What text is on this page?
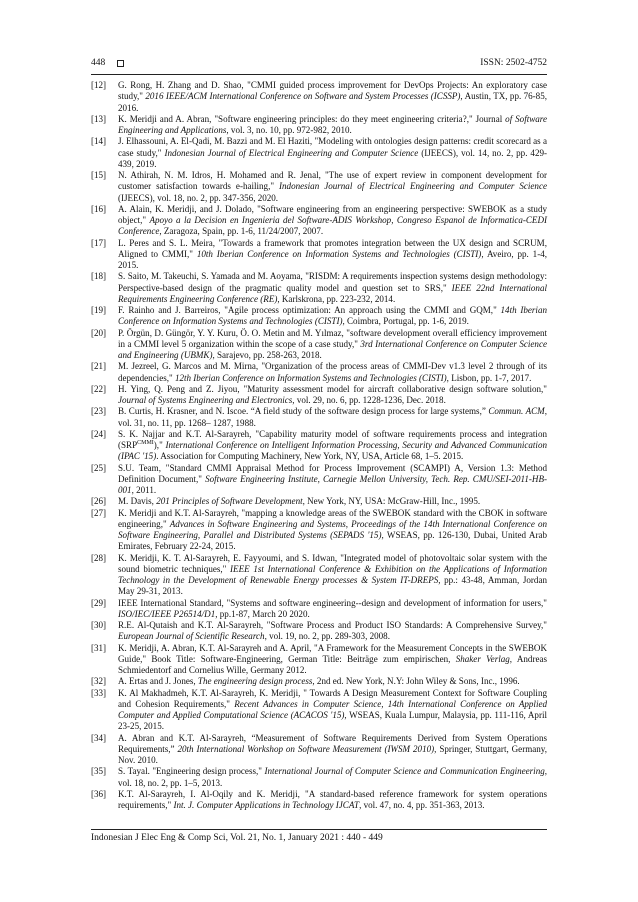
448	ISSN: 2502-4752
[12]	G. Rong, H. Zhang and D. Shao, "CMMI guided process improvement for DevOps Projects: An exploratory case study," 2016 IEEE/ACM International Conference on Software and System Processes (ICSSP), Austin, TX, pp. 76-85, 2016.
[13]	K. Meridji and A. Abran, "Software engineering principles: do they meet engineering criteria?," Journal of Software Engineering and Applications, vol. 3, no. 10, pp. 972-982, 2010.
[14]	J. Elhassouni, A. El-Qadi, M. Bazzi and M. El Haziti, "Modeling with ontologies design patterns: credit scorecard as a case study," Indonesian Journal of Electrical Engineering and Computer Science (IJEECS), vol. 14, no. 2, pp. 429-439, 2019.
[15]	N. Athirah, N. M. Idros, H. Mohamed and R. Jenal, "The use of expert review in component development for customer satisfaction towards e-hailing," Indonesian Journal of Electrical Engineering and Computer Science (IJEECS), vol. 18, no. 2, pp. 347-356, 2020.
[16]	A. Alain, K. Meridji, and J. Dolado, "Software engineering from an engineering perspective: SWEBOK as a study object," Apoyo a la Decision en Ingenieria del Software-ADIS Workshop, Congreso Espanol de Informatica-CEDI Conference, Zaragoza, Spain, pp. 1-6, 11/24/2007, 2007.
[17]	L. Peres and S. L. Meira, "Towards a framework that promotes integration between the UX design and SCRUM, Aligned to CMMI," 10th Iberian Conference on Information Systems and Technologies (CISTI), Aveiro, pp. 1-4, 2015.
[18]	S. Saito, M. Takeuchi, S. Yamada and M. Aoyama, "RISDM: A requirements inspection systems design methodology: Perspective-based design of the pragmatic quality model and question set to SRS," IEEE 22nd International Requirements Engineering Conference (RE), Karlskrona, pp. 223-232, 2014.
[19]	F. Rainho and J. Barreiros, "Agile process optimization: An approach using the CMMI and GQM," 14th Iberian Conference on Information Systems and Technologies (CISTI), Coimbra, Portugal, pp. 1-6, 2019.
[20]	P. Örgün, D. Güngör, Y. Y. Kuru, Ö. O. Metin and M. Yılmaz, "software development overall efficiency improvement in a CMMI level 5 organization within the scope of a case study," 3rd International Conference on Computer Science and Engineering (UBMK), Sarajevo, pp. 258-263, 2018.
[21]	M. Jezreel, G. Marcos and M. Mirna, "Organization of the process areas of CMMI-Dev v1.3 level 2 through of its dependencies," 12th Iberian Conference on Information Systems and Technologies (CISTI), Lisbon, pp. 1-7, 2017.
[22]	H. Ying, Q. Peng and Z. Jiyou, "Maturity assessment model for aircraft collaborative design software solution," Journal of Systems Engineering and Electronics, vol. 29, no. 6, pp. 1228-1236, Dec. 2018.
[23]	B. Curtis, H. Krasner, and N. Iscoe. “A field study of the software design process for large systems,” Commun. ACM, vol. 31, no. 11, pp. 1268– 1287, 1988.
[24]	S. K. Najjar and K.T. Al-Sarayreh, "Capability maturity model of software requirements process and integration $(SRP^{CMMI})$," International Conference on Intelligent Information Processing, Security and Advanced Communication (IPAC '15). Association for Computing Machinery, New York, NY, USA, Article 68, 1–5. 2015.
[25]	S.U. Team, "Standard CMMI Appraisal Method for Process Improvement (SCAMPI) A, Version 1.3: Method Definition Document," Software Engineering Institute, Carnegie Mellon University, Tech. Rep. CMU/SEI-2011-HB-001, 2011.
[26]	M. Davis, 201 Principles of Software Development, New York, NY, USA: McGraw-Hill, Inc., 1995.
[27]	K. Meridji and K.T. Al-Sarayreh, "mapping a knowledge areas of the SWEBOK standard with the CBOK in software engineering," Advances in Software Engineering and Systems, Proceedings of the 14th International Conference on Software Engineering, Parallel and Distributed Systems (SEPADS '15), WSEAS, pp. 126-130, Dubai, United Arab Emirates, February 22-24, 2015.
[28]	K. Meridji, K. T. Al-Sarayreh, E. Fayyoumi, and S. Idwan, "Integrated model of photovoltaic solar system with the sound biometric techniques," IEEE 1st International Conference & Exhibition on the Applications of Information Technology in the Development of Renewable Energy processes & System IT-DREPS, pp.: 43-48, Amman, Jordan May 29-31, 2013.
[29]	IEEE International Standard, "Systems and software engineering--design and development of information for users," ISO/IEC/IEEE P26514/D1, pp.1-87, March 20 2020.
[30]	R.E. Al-Qutaish and K.T. Al-Sarayreh, "Software Process and Product ISO Standards: A Comprehensive Survey," European Journal of Scientific Research, vol. 19, no. 2, pp. 289-303, 2008.
[31]	K. Meridji, A. Abran, K.T. Al-Sarayreh and A. April, "A Framework for the Measurement Concepts in the SWEBOK Guide," Book Title: Software-Engineering, German Title: Beiträge zum empirischen, Shaker Verlag, Andreas Schmiedentorf and Cornelius Wille, Germany 2012.
[32]	A. Ertas and J. Jones, The engineering design process, 2nd ed. New York, N.Y: John Wiley & Sons, Inc., 1996.
[33]	K. Al Makhadmeh, K.T. Al-Sarayreh, K. Meridji, " Towards A Design Measurement Context for Software Coupling and Cohesion Requirements," Recent Advances in Computer Science, 14th International Conference on Applied Computer and Applied Computational Science (ACACOS '15), WSEAS, Kuala Lumpur, Malaysia, pp. 111-116, April 23-25, 2015.
[34]	A. Abran and K.T. Al-Sarayreh, “Measurement of Software Requirements Derived from System Operations Requirements,” 20th International Workshop on Software Measurement (IWSM 2010), Springer, Stuttgart, Germany, Nov. 2010.
[35]	S. Tayal. "Engineering design process," International Journal of Computer Science and Communication Engineering, vol. 18, no. 2, pp. 1–5, 2013.
[36]	K.T. Al-Sarayreh, I. Al-Oqily and K. Meridji, "A standard-based reference framework for system operations requirements," Int. J. Computer Applications in Technology IJCAT, vol. 47, no. 4, pp. 351-363, 2013.
Indonesian J Elec Eng & Comp Sci, Vol. 21, No. 1, January 2021 : 440 - 449
